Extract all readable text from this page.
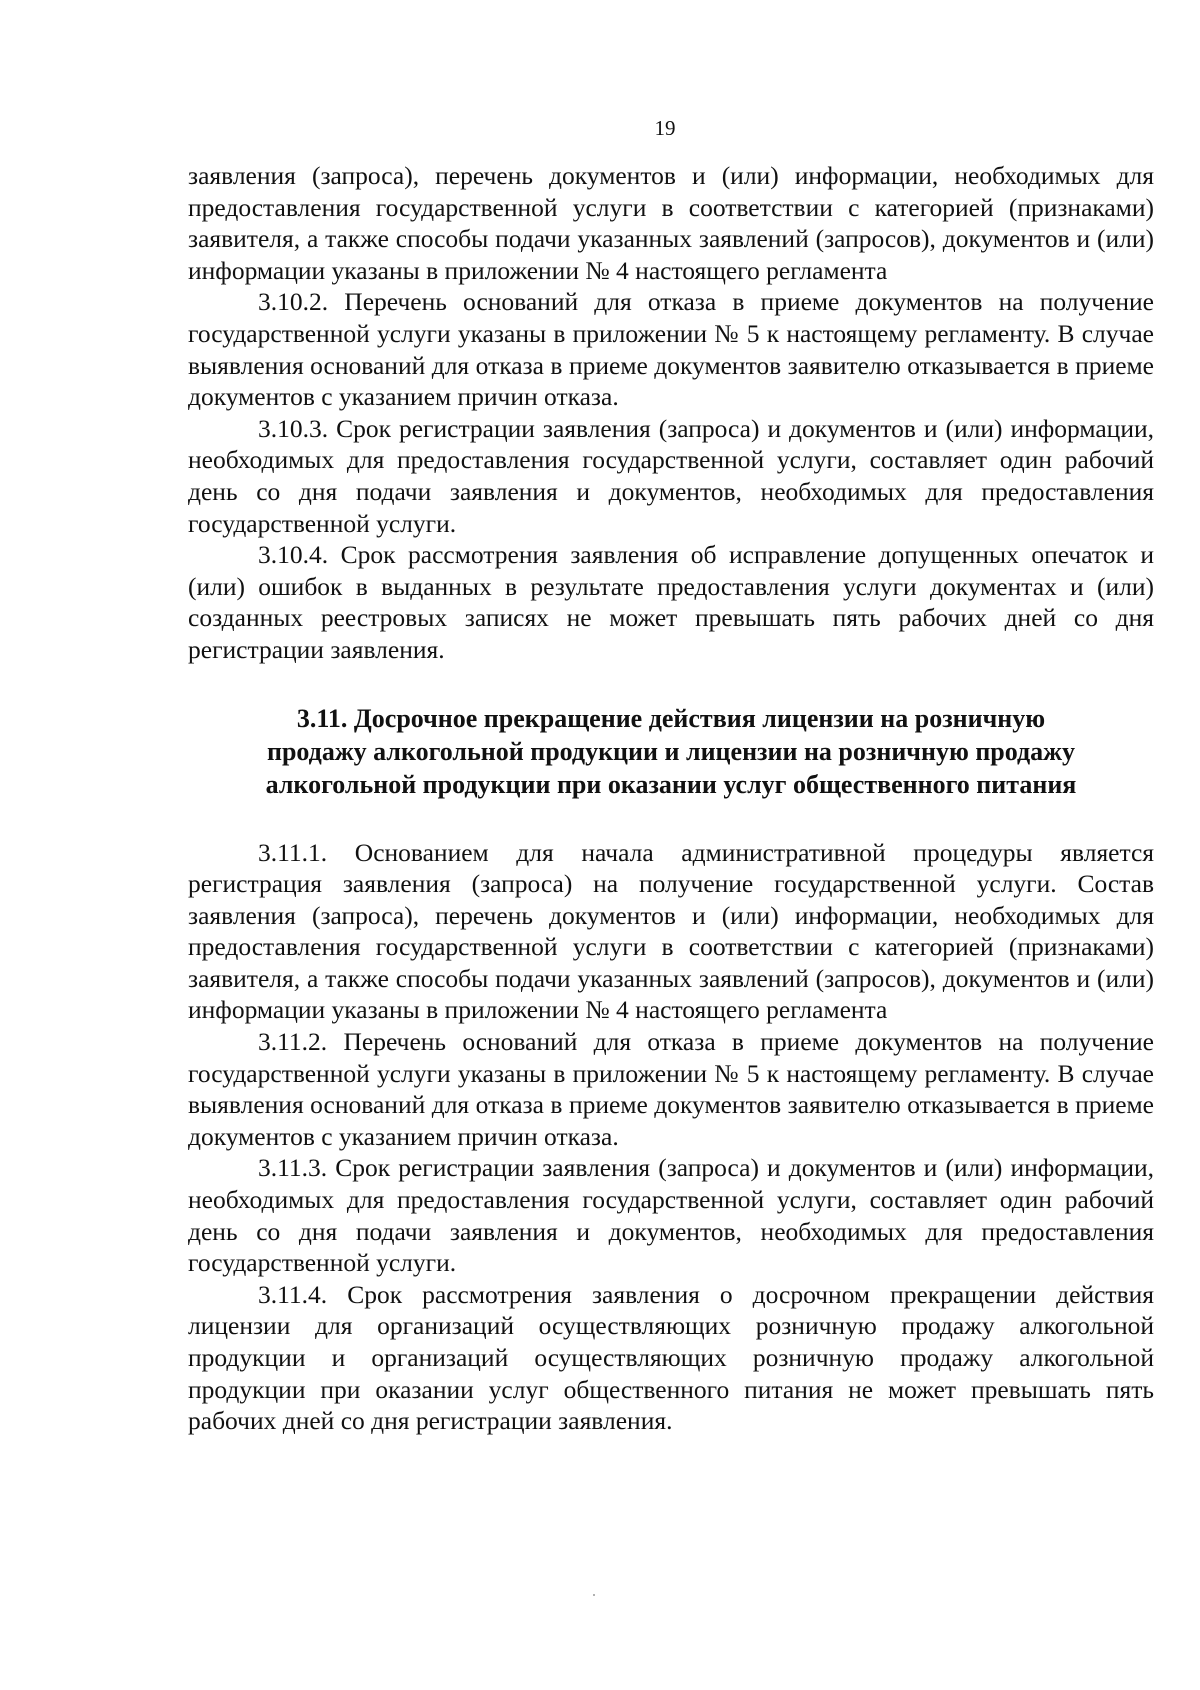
19

заявления (запроса), перечень документов и (или) информации, необходимых для предоставления государственной услуги в соответствии с категорией (признаками) заявителя, а также способы подачи указанных заявлений (запросов), документов и (или) информации указаны в приложении № 4 настоящего регламента

3.10.2. Перечень оснований для отказа в приеме документов на получение государственной услуги указаны в приложении № 5 к настоящему регламенту. В случае выявления оснований для отказа в приеме документов заявителю отказывается в приеме документов с указанием причин отказа.

3.10.3. Срок регистрации заявления (запроса) и документов и (или) информации, необходимых для предоставления государственной услуги, составляет один рабочий день со дня подачи заявления и документов, необходимых для предоставления государственной услуги.

3.10.4. Срок рассмотрения заявления об исправление допущенных опечаток и (или) ошибок в выданных в результате предоставления услуги документах и (или) созданных реестровых записях не может превышать пять рабочих дней со дня регистрации заявления.

3.11. Досрочное прекращение действия лицензии на розничную
продажу алкогольной продукции и лицензии на розничную продажу
алкогольной продукции при оказании услуг общественного питания

3.11.1. Основанием для начала административной процедуры является регистрация заявления (запроса) на получение государственной услуги. Состав заявления (запроса), перечень документов и (или) информации, необходимых для предоставления государственной услуги в соответствии с категорией (признаками) заявителя, а также способы подачи указанных заявлений (запросов), документов и (или) информации указаны в приложении № 4 настоящего регламента

3.11.2. Перечень оснований для отказа в приеме документов на получение государственной услуги указаны в приложении № 5 к настоящему регламенту. В случае выявления оснований для отказа в приеме документов заявителю отказывается в приеме документов с указанием причин отказа.

3.11.3. Срок регистрации заявления (запроса) и документов и (или) информации, необходимых для предоставления государственной услуги, составляет один рабочий день со дня подачи заявления и документов, необходимых для предоставления государственной услуги.

3.11.4. Срок рассмотрения заявления о досрочном прекращении действия лицензии для организаций осуществляющих розничную продажу алкогольной продукции и организаций осуществляющих розничную продажу алкогольной продукции при оказании услуг общественного питания не может превышать пять рабочих дней со дня регистрации заявления.
